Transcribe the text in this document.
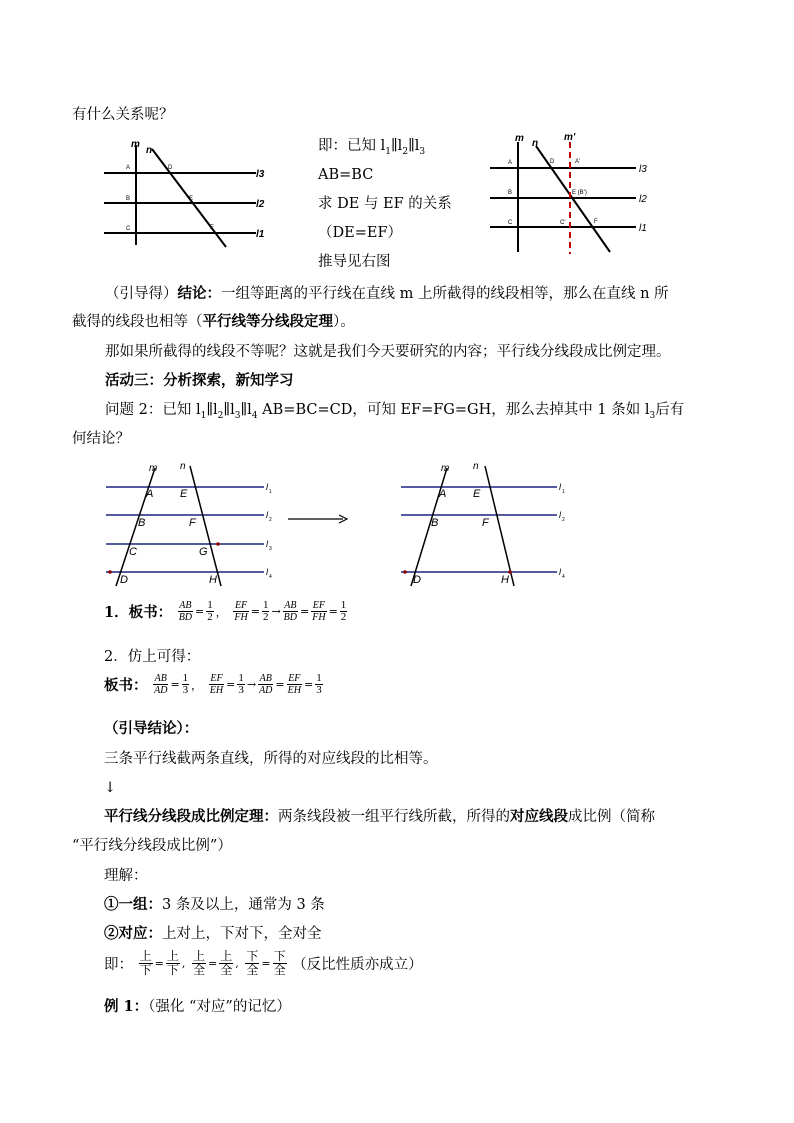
有什么关系呢？
m
n
A	D
B	E
C	F
l3
l2
l1
即：已知 $l_1\parallel l_2\parallel l_3$
AB=BC
求 DE 与 EF 的关系
（DE=EF）
推导见右图
m n
m'
A	D	A'
B	E (B')
C	C'	F
l3
l2
l1
（引导得）结论：一组等距离的平行线在直线 m 上所截得的线段相等，那么在直线 n 所
截得的线段也相等（平行线等分线段定理）。
那如果所截得的线段不等呢？这就是我们今天要研究的内容；平行线分线段成比例定理。
活动三：分析探索，新知学习
问题 2：已知 $l_1\parallel l_2\parallel l_3\parallel l_4$ AB=BC=CD，可知 EF=FG=GH，那么去掉其中 1 条如 $l_3$后有
何结论？
m n
A E
B	F
C	G
D	H
l 1
l 2
l 3
l 4
m n
A E
B	F
D	H
l 1
l 2
l 4
1．板书： $\frac{AB}{BD} = \frac{1}{2}$ ， $\frac{EF}{FH} = \frac{1}{2} \to \frac{AB}{BD} = \frac{EF}{FH} = \frac{1}{2}$
2．仿上可得：
板书： $\frac{AB}{AD} = \frac{1}{3}$ ， $\frac{EF}{EH} = \frac{1}{3} \to \frac{AB}{AD} = \frac{EF}{EH} = \frac{1}{3}$
（引导结论）：
三条平行线截两条直线，所得的对应线段的比相等。
↓
平行线分线段成比例定理：两条线段被一组平行线所截，所得的对应线段成比例（简称
“平行线分线段成比例”）
理解：
①一组：3 条及以上，通常为 3 条
②对应：上对上，下对下，全对全
即： $\frac{\text{上}}{\text{下}} = \frac{\text{上}}{\text{下}}$ , $\frac{\text{上}}{\text{全}} = \frac{\text{上}}{\text{全}}$ , $\frac{\text{下}}{\text{全}} = \frac{\text{下}}{\text{全}}$ （反比性质亦成立）
例 1：（强化 “对应”的记忆）
